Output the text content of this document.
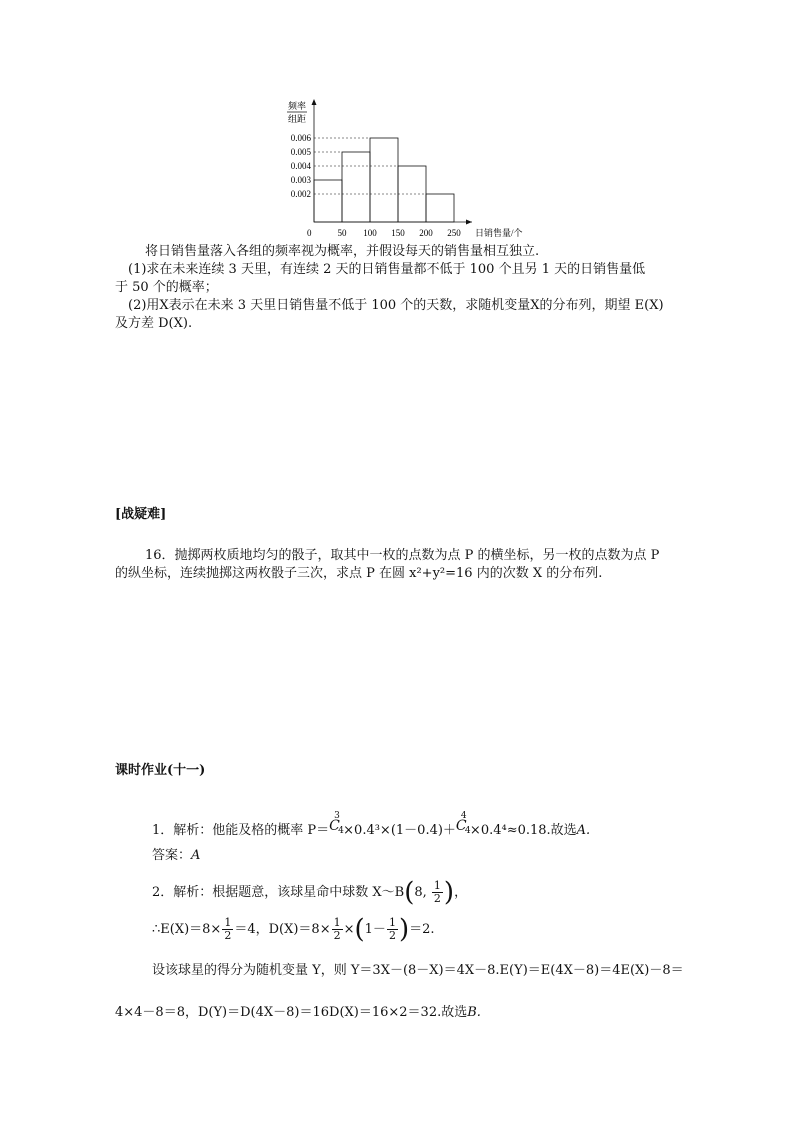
0.002
0.003
0.004
0.005
0.006
50 100 150 200 250
频率
组距
日销售量/个
0
将日销售量落入各组的频率视为概率，并假设每天的销售量相互独立.
(1)求在未来连续 3 天里，有连续 2 天的日销售量都不低于 100 个且另 1 天的日销售量低
于 50 个的概率；
(2)用X表示在未来 3 天里日销售量不低于 100 个的天数，求随机变量X的分布列，期望 E(X)
及方差 D(X).
[战疑难]
16．抛掷两枚质地均匀的骰子，取其中一枚的点数为点 P 的横坐标，另一枚的点数为点 P
的纵坐标，连续抛掷这两枚骰子三次，求点 P 在圆 x²+y²=16 内的次数 X 的分布列.
课时作业(十一)
1．解析：他能及格的概率 P＝ C
3
4 ×0.4³×(1－0.4)＋ C
4
4 ×0.4⁴≈0.18.故选A.
答案：A
2．解析：根据题意，该球星命中球数 X～B(8, $\frac{1}{2}$ )，
∴E(X)＝8× $\frac{1}{2} =4$，$D(X)=8\times \frac{1}{2} \times(1- \frac{1}{2} )=2$.
设该球星的得分为随机变量 Y，则 Y＝3X－(8－X)＝4X－8.E(Y)＝E(4X－8)＝4E(X)－8＝
4×4－8＝8，D(Y)＝D(4X－8)＝16D(X)＝16×2＝32.故选B.
